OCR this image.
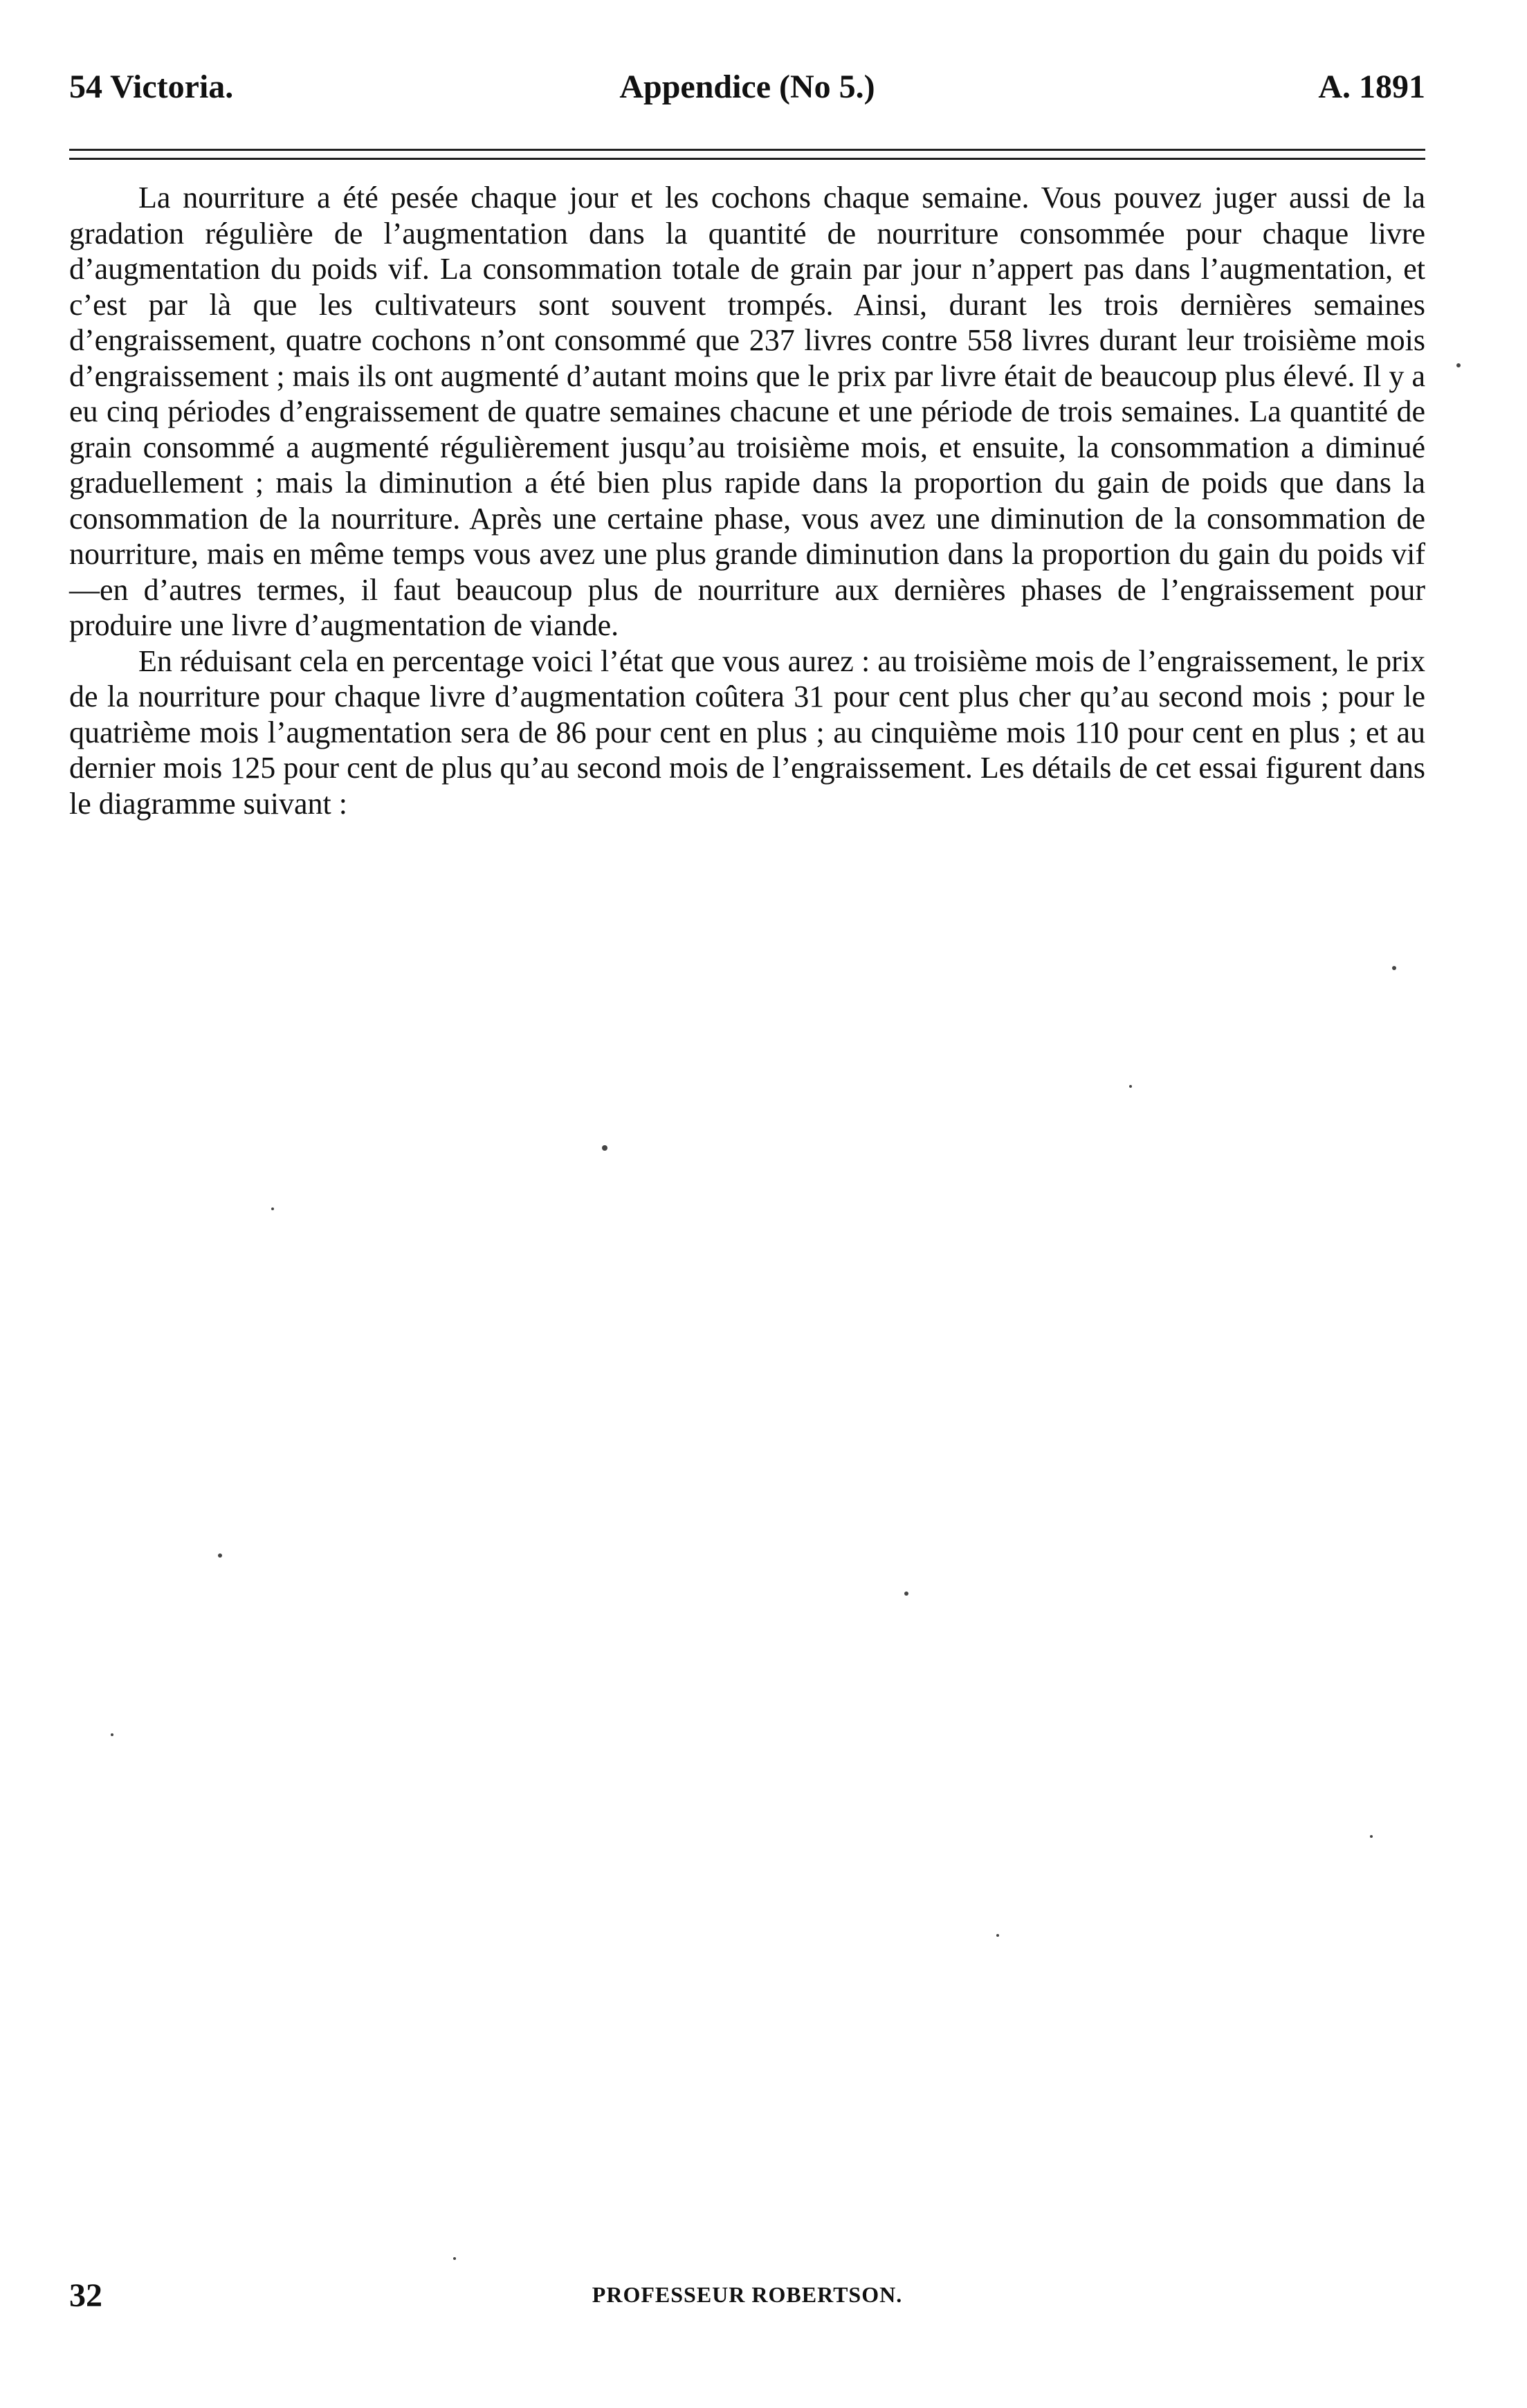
54 Victoria.	Appendice (No 5.)	A. 1891

La nourriture a été pesée chaque jour et les cochons chaque semaine. Vous pouvez juger aussi de la gradation régulière de l’augmentation dans la quantité de nourriture consommée pour chaque livre d’augmentation du poids vif. La consommation totale de grain par jour n’appert pas dans l’augmentation, et c’est par là que les cultivateurs sont souvent trompés. Ainsi, durant les trois dernières semaines d’engraissement, quatre cochons n’ont consommé que 237 livres contre 558 livres durant leur troisième mois d’engraissement ; mais ils ont augmenté d’autant moins que le prix par livre était de beaucoup plus élevé. Il y a eu cinq périodes d’engraissement de quatre semaines chacune et une période de trois semaines. La quantité de grain consommé a augmenté régulièrement jusqu’au troisième mois, et ensuite, la consommation a diminué graduellement ; mais la diminution a été bien plus rapide dans la proportion du gain de poids que dans la consommation de la nourriture. Après une certaine phase, vous avez une diminution de la consommation de nourriture, mais en même temps vous avez une plus grande diminution dans la proportion du gain du poids vif—en d’autres termes, il faut beaucoup plus de nourriture aux dernières phases de l’engraissement pour produire une livre d’augmentation de viande.

En réduisant cela en percentage voici l’état que vous aurez : au troisième mois de l’engraissement, le prix de la nourriture pour chaque livre d’augmentation coûtera 31 pour cent plus cher qu’au second mois ; pour le quatrième mois l’augmentation sera de 86 pour cent en plus ; au cinquième mois 110 pour cent en plus ; et au dernier mois 125 pour cent de plus qu’au second mois de l’engraissement. Les détails de cet essai figurent dans le diagramme suivant :

32	PROFESSEUR ROBERTSON.
